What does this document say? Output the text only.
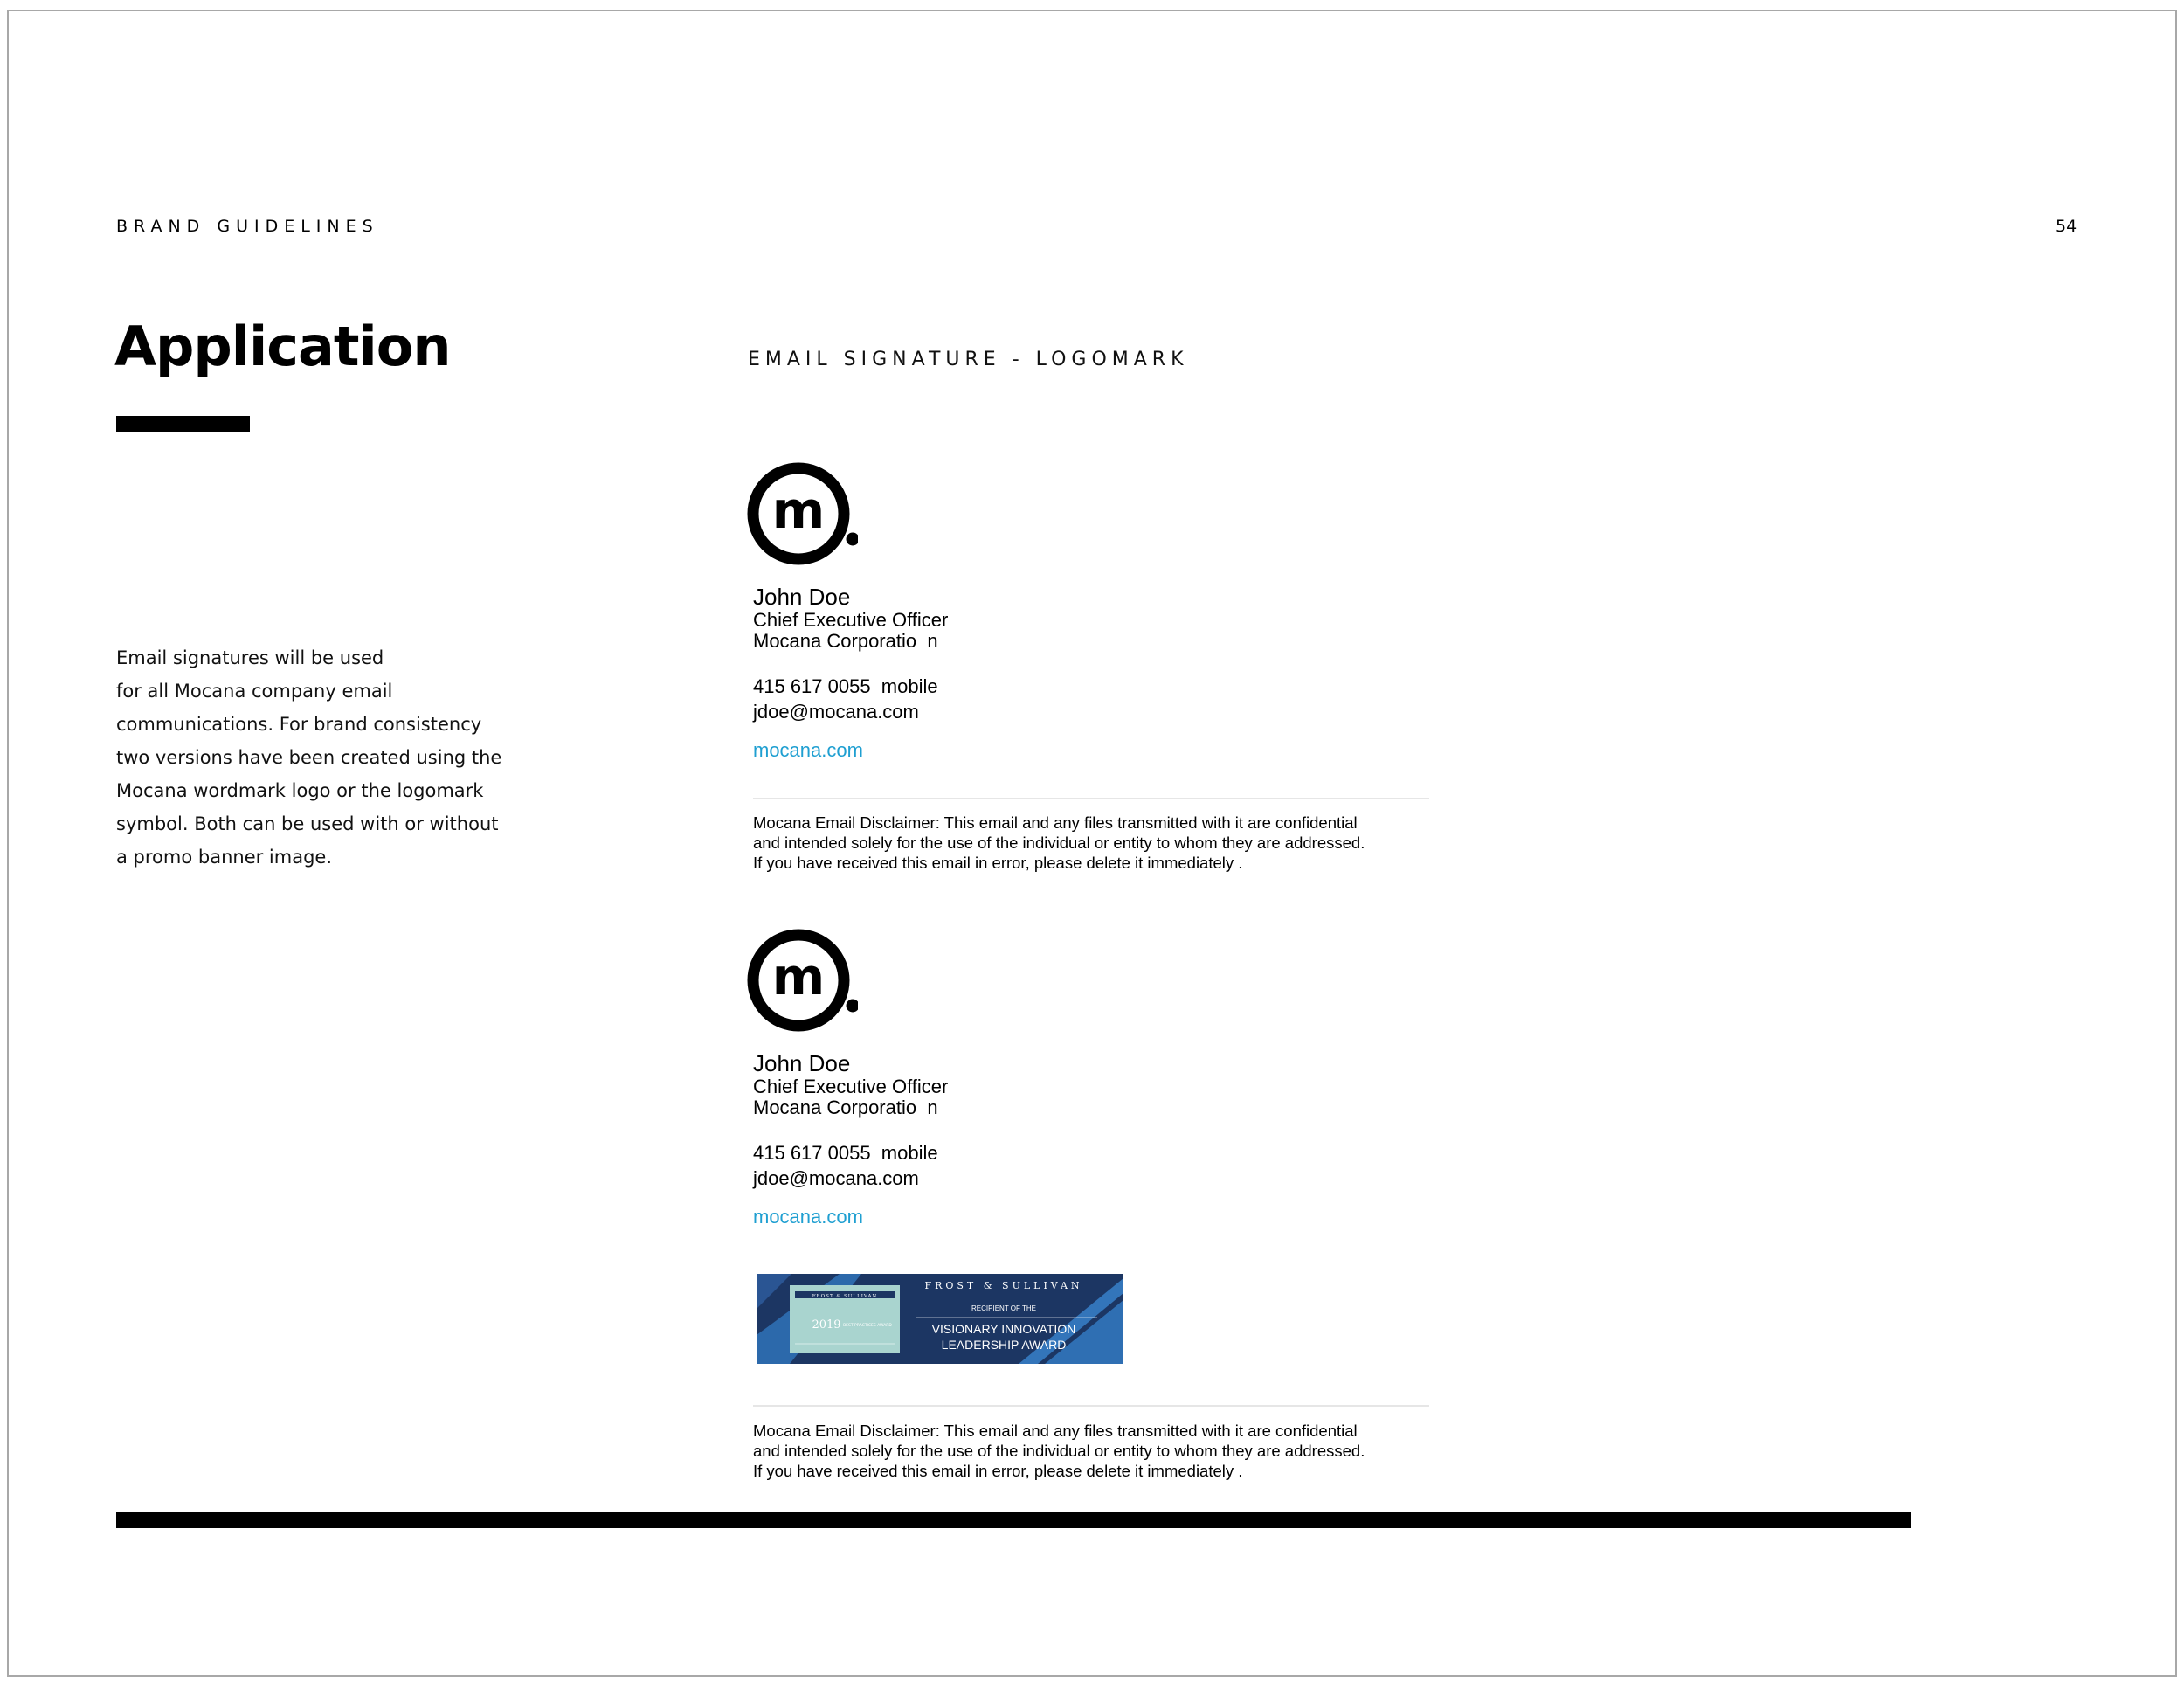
BRAND GUIDELINES	54
Application	EMAIL SIGNATURE - LOGOMARK
Email signatures will be used
for all Mocana company email
communications. For brand consistency
two versions have been created using the
Mocana wordmark logo or the logomark
symbol. Both can be used with or without
a promo banner image.
m
John Doe
Chief Executive Officer
Mocana Corporatio  n
415 617 0055  mobile
jdoe@mocana.com
mocana.com
Mocana Email Disclaimer: This email and any files transmitted with it are confidential
and intended solely for the use of the individual or entity to whom they are addressed.
If you have received this email in error, please delete it immediately .
m
John Doe
Chief Executive Officer
Mocana Corporatio  n
415 617 0055  mobile
jdoe@mocana.com
mocana.com
FROST & SULLIVAN
2019 BEST PRACTICES AWARD
FROST & SULLIVAN
RECIPIENT OF THE
VISIONARY INNOVATION
LEADERSHIP AWARD
Mocana Email Disclaimer: This email and any files transmitted with it are confidential
and intended solely for the use of the individual or entity to whom they are addressed.
If you have received this email in error, please delete it immediately .
